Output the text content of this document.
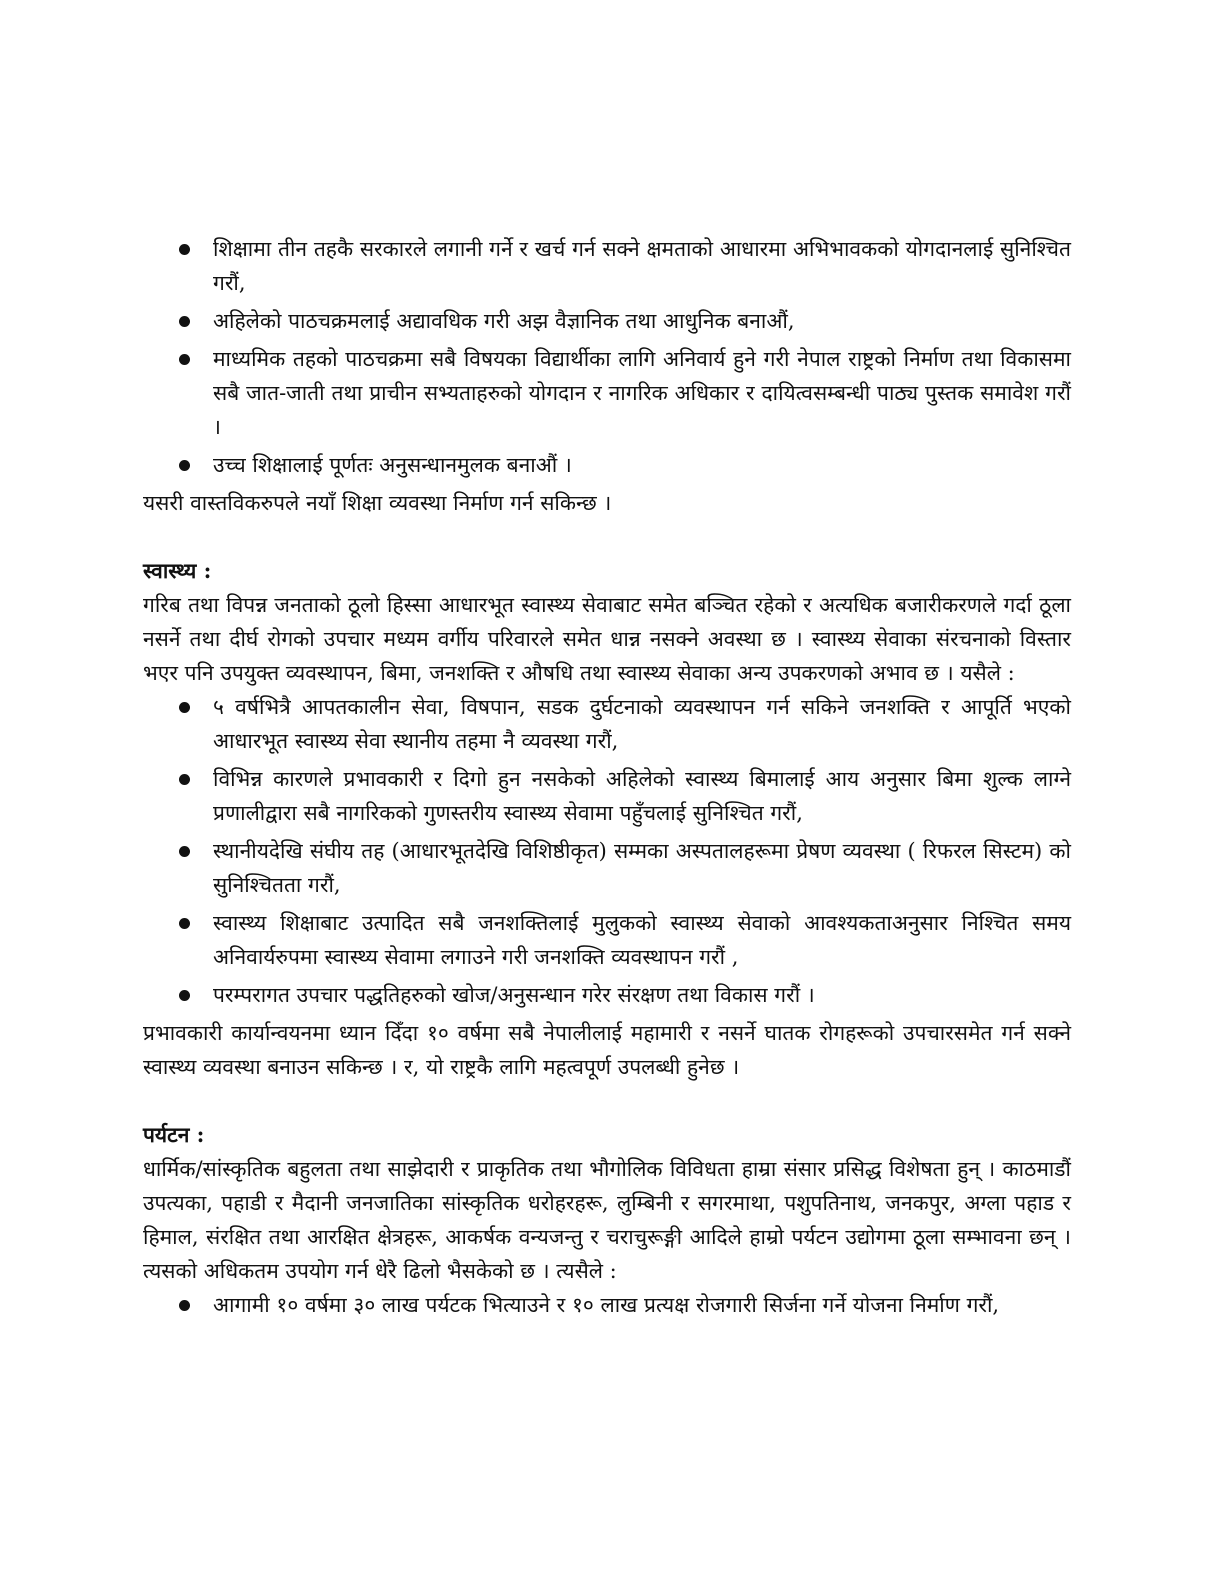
शिक्षामा तीन तहकै सरकारले लगानी गर्ने र खर्च गर्न सक्ने क्षमताको आधारमा अभिभावकको योगदानलाई सुनिश्चित गरौं,
अहिलेको पाठचक्रमलाई अद्यावधिक गरी अझ वैज्ञानिक तथा आधुनिक बनाऔं,
माध्यमिक तहको पाठचक्रमा सबै विषयका विद्यार्थीका लागि अनिवार्य हुने गरी नेपाल राष्ट्रको निर्माण तथा विकासमा सबै जात-जाती तथा प्राचीन सभ्यताहरुको योगदान र नागरिक अधिकार र दायित्वसम्बन्धी पाठ्य पुस्तक समावेश गरौं ।
उच्च शिक्षालाई पूर्णतः अनुसन्धानमुलक बनाऔं ।

यसरी वास्तविकरुपले नयाँ शिक्षा व्यवस्था निर्माण गर्न सकिन्छ ।

स्वास्थ्य :

गरिब तथा विपन्न जनताको ठूलो हिस्सा आधारभूत स्वास्थ्य सेवाबाट समेत बञ्चित रहेको र अत्यधिक बजारीकरणले गर्दा ठूला नसर्ने तथा दीर्घ रोगको उपचार मध्यम वर्गीय परिवारले समेत धान्न नसक्ने अवस्था छ । स्वास्थ्य सेवाका संरचनाको विस्तार भएर पनि उपयुक्त व्यवस्थापन, बिमा, जनशक्ति र औषधि तथा स्वास्थ्य सेवाका अन्य उपकरणको अभाव छ । यसैले :

५ वर्षभित्रै आपतकालीन सेवा, विषपान, सडक दुर्घटनाको व्यवस्थापन गर्न सकिने जनशक्ति र आपूर्ति भएको आधारभूत स्वास्थ्य सेवा स्थानीय तहमा नै व्यवस्था गरौं,
विभिन्न कारणले प्रभावकारी र दिगो हुन नसकेको अहिलेको स्वास्थ्य बिमालाई आय अनुसार बिमा शुल्क लाग्ने प्रणालीद्वारा सबै नागरिकको गुणस्तरीय स्वास्थ्य सेवामा पहुँचलाई सुनिश्चित गरौं,
स्थानीयदेखि संघीय तह (आधारभूतदेखि विशिष्ठीकृत) सम्मका अस्पतालहरूमा प्रेषण व्यवस्था ( रिफरल सिस्टम) को सुनिश्चितता गरौं,
स्वास्थ्य शिक्षाबाट उत्पादित सबै जनशक्तिलाई मुलुकको स्वास्थ्य सेवाको आवश्यकताअनुसार निश्चित समय अनिवार्यरुपमा स्वास्थ्य सेवामा लगाउने गरी जनशक्ति व्यवस्थापन गरौं ,
परम्परागत उपचार पद्धतिहरुको खोज/अनुसन्धान गरेर संरक्षण तथा विकास गरौं ।

प्रभावकारी कार्यान्वयनमा ध्यान दिँदा १० वर्षमा सबै नेपालीलाई महामारी र नसर्ने घातक रोगहरूको उपचारसमेत गर्न सक्ने स्वास्थ्य व्यवस्था बनाउन सकिन्छ । र, यो राष्ट्रकै लागि महत्वपूर्ण उपलब्धी हुनेछ ।

पर्यटन :

धार्मिक/सांस्कृतिक बहुलता तथा साझेदारी र प्राकृतिक तथा भौगोलिक विविधता हाम्रा संसार प्रसिद्ध विशेषता हुन् । काठमाडौं उपत्यका, पहाडी र मैदानी जनजातिका सांस्कृतिक धरोहरहरू, लुम्बिनी र सगरमाथा, पशुपतिनाथ, जनकपुर, अग्ला पहाड र हिमाल, संरक्षित तथा आरक्षित क्षेत्रहरू, आकर्षक वन्यजन्तु र चराचुरूङ्गी आदिले हाम्रो पर्यटन उद्योगमा ठूला सम्भावना छन् । त्यसको अधिकतम उपयोग गर्न धेरै ढिलो भैसकेको छ । त्यसैले :

आगामी १० वर्षमा ३० लाख पर्यटक भित्याउने र १० लाख प्रत्यक्ष रोजगारी सिर्जना गर्ने योजना निर्माण गरौं,
